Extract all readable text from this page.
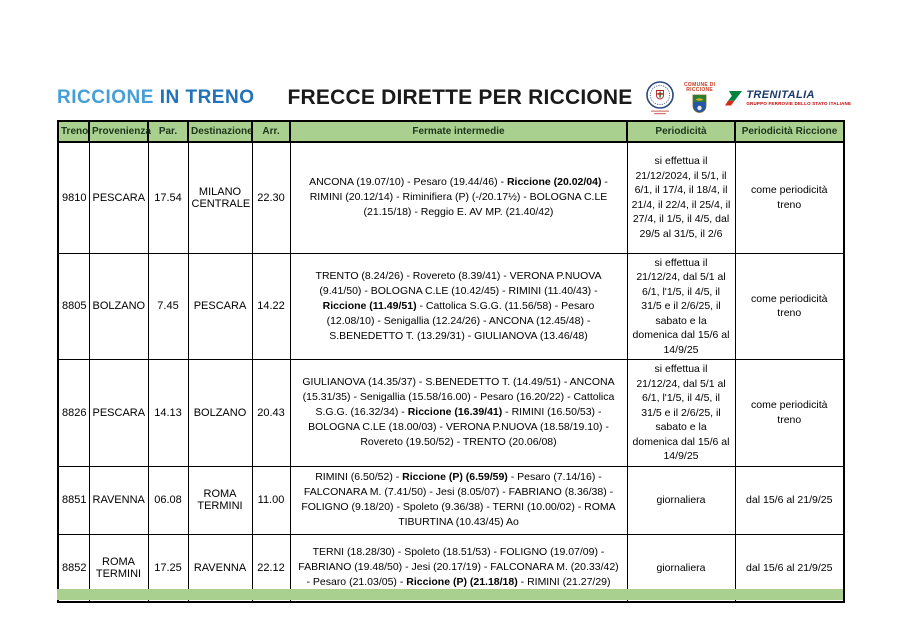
RICCIONE IN TRENO	FRECCE DIRETTE PER RICCIONE
COMUNE DI
RICCIONE	TRENITALIA
GRUPPO FERROVIE DELLO STATO ITALIANE
Treno	Provenienza	Par.	Destinazione	Arr.	Fermate intermedie	Periodicità	Periodicità Riccione
9810	PESCARA	17.54	MILANO CENTRALE	22.30	ANCONA (19.07/10) - Pesaro (19.44/46) - Riccione (20.02/04) - RIMINI (20.12/14) - Riminifiera (P) (-/20.17½) - BOLOGNA C.LE (21.15/18) - Reggio E. AV MP. (21.40/42)	si effettua il 21/12/2024, il 5/1, il 6/1, il 17/4, il 18/4, il 21/4, il 22/4, il 25/4, il 27/4, il 1/5, il 4/5, dal 29/5 al 31/5, il 2/6	come periodicità treno
8805	BOLZANO	7.45	PESCARA	14.22	TRENTO (8.24/26) - Rovereto (8.39/41) - VERONA P.NUOVA (9.41/50) - BOLOGNA C.LE (10.42/45) - RIMINI (11.40/43) - Riccione (11.49/51) - Cattolica S.G.G. (11.56/58) - Pesaro (12.08/10) - Senigallia (12.24/26) - ANCONA (12.45/48) - S.BENEDETTO T. (13.29/31) - GIULIANOVA (13.46/48)	si effettua il 21/12/24, dal 5/1 al 6/1, l'1/5, il 4/5, il 31/5 e il 2/6/25, il sabato e la domenica dal 15/6 al 14/9/25	come periodicità treno
8826	PESCARA	14.13	BOLZANO	20.43	GIULIANOVA (14.35/37) - S.BENEDETTO T. (14.49/51) - ANCONA (15.31/35) - Senigallia (15.58/16.00) - Pesaro (16.20/22) - Cattolica S.G.G. (16.32/34) - Riccione (16.39/41) - RIMINI (16.50/53) - BOLOGNA C.LE (18.00/03) - VERONA P.NUOVA (18.58/19.10) - Rovereto (19.50/52) - TRENTO (20.06/08)	si effettua il 21/12/24, dal 5/1 al 6/1, l'1/5, il 4/5, il 31/5 e il 2/6/25, il sabato e la domenica dal 15/6 al 14/9/25	come periodicità treno
8851	RAVENNA	06.08	ROMA TERMINI	11.00	RIMINI (6.50/52) - Riccione (P) (6.59/59) - Pesaro (7.14/16) - FALCONARA M. (7.41/50) - Jesi (8.05/07) - FABRIANO (8.36/38) - FOLIGNO (9.18/20) - Spoleto (9.36/38) - TERNI (10.00/02) - ROMA TIBURTINA (10.43/45) Ao	giornaliera	dal 15/6 al 21/9/25
8852	ROMA TERMINI	17.25	RAVENNA	22.12	TERNI (18.28/30) - Spoleto (18.51/53) - FOLIGNO (19.07/09) - FABRIANO (19.48/50) - Jesi (20.17/19) - FALCONARA M. (20.33/42) - Pesaro (21.03/05) - Riccione (P) (21.18/18) - RIMINI (21.27/29)	giornaliera	dal 15/6 al 21/9/25
